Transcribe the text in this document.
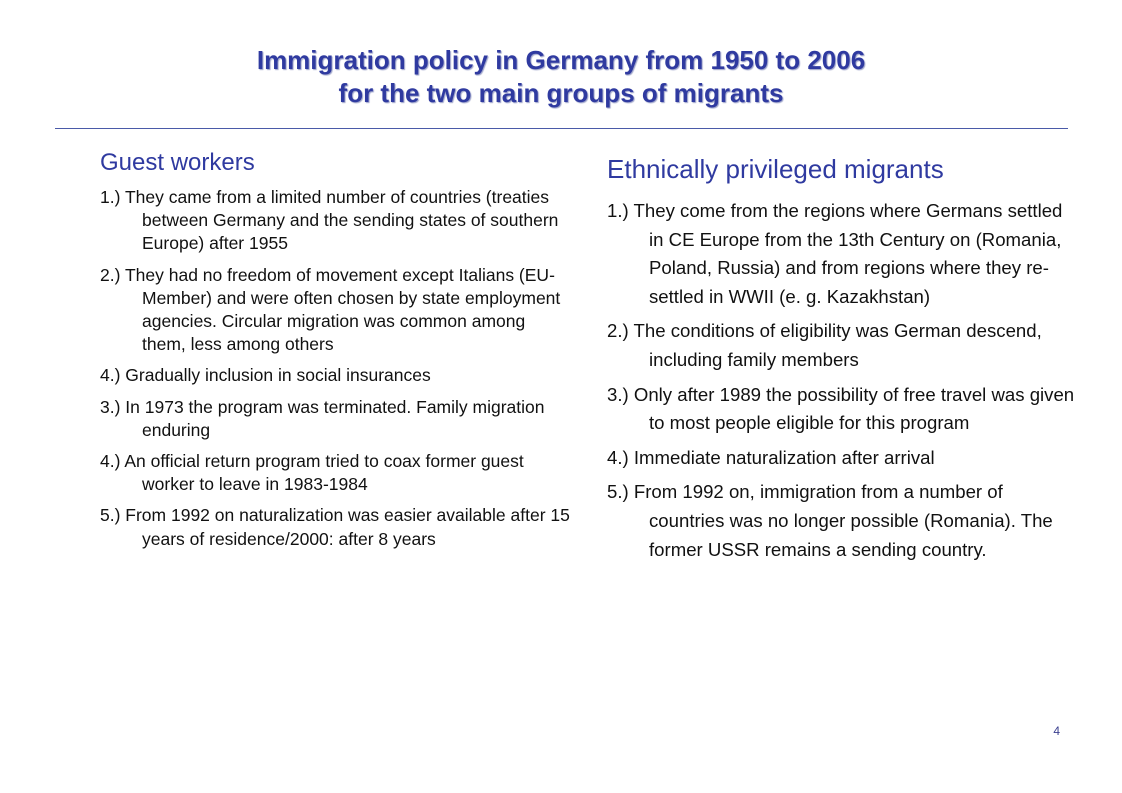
Immigration policy in Germany from 1950 to 2006
for the two main groups of migrants
Guest workers
1.) They came from a limited number of countries (treaties between Germany and the sending states of southern Europe) after 1955
2.) They had no freedom of movement except Italians (EU-Member) and were often chosen by state employment agencies. Circular migration was common among them, less among others
4.) Gradually inclusion in social insurances
3.) In 1973 the program was terminated. Family migration enduring
4.) An official return program tried to coax former guest worker to leave in 1983-1984
5.) From 1992 on naturalization was easier available after 15 years of residence/2000: after 8 years
Ethnically privileged migrants
1.) They come from the regions where Germans settled in CE Europe from the 13th Century on (Romania, Poland, Russia) and from regions where they re-settled in WWII (e. g. Kazakhstan)
2.) The conditions of eligibility was German descend, including family members
3.) Only after 1989 the possibility of free travel was given to most people eligible for this program
4.) Immediate naturalization after arrival
5.) From 1992 on, immigration from a number of countries was no longer possible (Romania). The former USSR remains a sending country.
4
